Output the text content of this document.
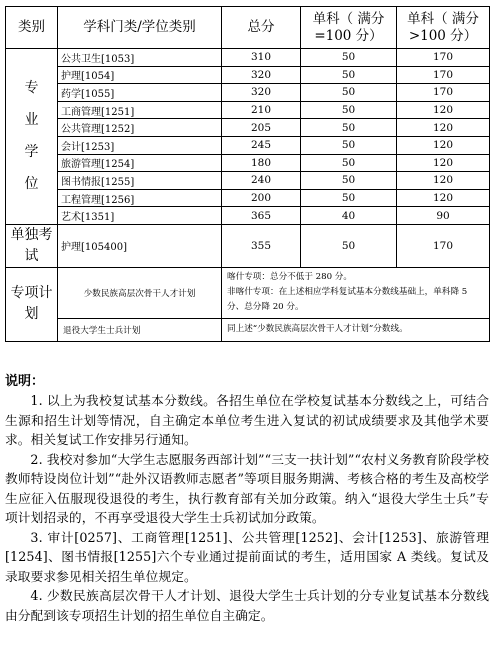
类别	学科门类/学位类别	总分	单科（ 满分=100 分）	单科（ 满分>100 分）

专
业
学
位	公共卫生[1053]	310	50	170
	护理[1054]	320	50	170
	药学[1055]	320	50	170
	工商管理[1251]	210	50	120
	公共管理[1252]	205	50	120
	会计[1253]	245	50	120
	旅游管理[1254]	180	50	120
	图书情报[1255]	240	50	120
	工程管理[1256]	200	50	120
	艺术[1351]	365	40	90
单独考试	护理[105400]	355	50	170
专项计划	少数民族高层次骨干人才计划	喀什专项：总分不低于 280 分。
非喀什专项：在上述相应学科复试基本分数线基础上，单科降 5 分、总分降 20 分。		

	退役大学生士兵计划	同上述“少数民族高层次骨干人才计划”分数线。		
说明：

1. 以上为我校复试基本分数线。各招生单位在学校复试基本分数线之上，可结合生源和招生计划等情况，自主确定本单位考生进入复试的初试成绩要求及其他学术要求。相关复试工作安排另行通知。

2. 我校对参加“大学生志愿服务西部计划”“三支一扶计划”“农村义务教育阶段学校教师特设岗位计划”“赴外汉语教师志愿者”等项目服务期满、考核合格的考生及高校学生应征入伍服现役退役的考生，执行教育部有关加分政策。纳入“退役大学生士兵”专项计划招录的，不再享受退役大学生士兵初试加分政策。

3. 审计[0257]、工商管理[1251]、公共管理[1252]、会计[1253]、旅游管理[1254]、图书情报[1255]六个专业通过提前面试的考生，适用国家 A 类线。复试及录取要求参见相关招生单位规定。

4. 少数民族高层次骨干人才计划、退役大学生士兵计划的分专业复试基本分数线由分配到该专项招生计划的招生单位自主确定。
